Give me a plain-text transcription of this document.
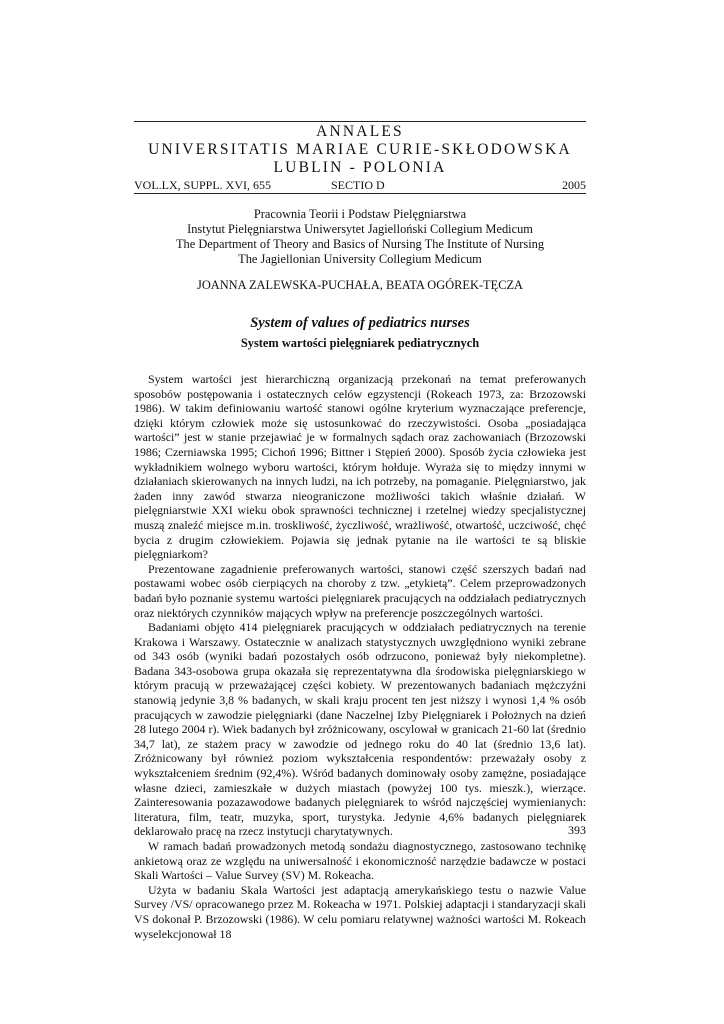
ANNALES
UNIVERSITATIS MARIAE CURIE-SKŁODOWSKA
LUBLIN - POLONIA
VOL.LX, SUPPL. XVI, 655	SECTIO D	2005
Pracownia Teorii i Podstaw Pielęgniarstwa
Instytut Pielęgniarstwa Uniwersytet Jagielloński Collegium Medicum
The Department of Theory and Basics of Nursing The Institute of Nursing
The Jagiellonian University Collegium Medicum
JOANNA ZALEWSKA-PUCHAŁA, BEATA OGÓREK-TĘCZA
System of values of pediatrics nurses
System wartości pielęgniarek pediatrycznych

System wartości jest hierarchiczną organizacją przekonań na temat preferowanych sposobów postępowania i ostatecznych celów egzystencji (Rokeach 1973, za: Brzozowski 1986). W takim definiowaniu wartość stanowi ogólne kryterium wyznaczające preferencje, dzięki którym człowiek może się ustosunkować do rzeczywistości. Osoba „posiadająca wartości” jest w stanie przejawiać je w formalnych sądach oraz zachowaniach (Brzozowski 1986; Czerniawska 1995; Cichoń 1996; Bittner i Stępień 2000). Sposób życia człowieka jest wykładnikiem wolnego wyboru wartości, którym hołduje. Wyraża się to między innymi w działaniach skierowanych na innych ludzi, na ich potrzeby, na pomaganie. Pielęgniarstwo, jak żaden inny zawód stwarza nieograniczone możliwości takich właśnie działań. W pielęgniarstwie XXI wieku obok sprawności technicznej i rzetelnej wiedzy specjalistycznej muszą znaleźć miejsce m.in. troskliwość, życzliwość, wrażliwość, otwartość, uczciwość, chęć bycia z drugim człowiekiem. Pojawia się jednak pytanie na ile wartości te są bliskie pielęgniarkom?

Prezentowane zagadnienie preferowanych wartości, stanowi część szerszych badań nad postawami wobec osób cierpiących na choroby z tzw. „etykietą”. Celem przeprowadzonych badań było poznanie systemu wartości pielęgniarek pracujących na oddziałach pediatrycznych oraz niektórych czynników mających wpływ na preferencje poszczególnych wartości.

Badaniami objęto 414 pielęgniarek pracujących w oddziałach pediatrycznych na terenie Krakowa i Warszawy. Ostatecznie w analizach statystycznych uwzględniono wyniki zebrane od 343 osób (wyniki badań pozostałych osób odrzucono, ponieważ były niekompletne). Badana 343-osobowa grupa okazała się reprezentatywna dla środowiska pielęgniarskiego w którym pracują w przeważającej części kobiety. W prezentowanych badaniach mężczyźni stanowią jedynie 3,8 % badanych, w skali kraju procent ten jest niższy i wynosi 1,4 % osób pracujących w zawodzie pielęgniarki (dane Naczelnej Izby Pielęgniarek i Położnych na dzień 28 lutego 2004 r). Wiek badanych był zróżnicowany, oscylował w granicach 21-60 lat (średnio 34,7 lat), ze stażem pracy w zawodzie od jednego roku do 40 lat (średnio 13,6 lat). Zróżnicowany był również poziom wykształcenia respondentów: przeważały osoby z wykształceniem średnim (92,4%). Wśród badanych dominowały osoby zamężne, posiadające własne dzieci, zamieszkałe w dużych miastach (powyżej 100 tys. mieszk.), wierzące. Zainteresowania pozazawodowe badanych pielęgniarek to wśród najczęściej wymienianych: literatura, film, teatr, muzyka, sport, turystyka. Jedynie 4,6% badanych pielęgniarek deklarowało pracę na rzecz instytucji charytatywnych.

W ramach badań prowadzonych metodą sondażu diagnostycznego, zastosowano technikę ankietową oraz ze względu na uniwersalność i ekonomiczność narzędzie badawcze w postaci Skali Wartości – Value Survey (SV) M. Rokeacha.

Użyta w badaniu Skala Wartości jest adaptacją amerykańskiego testu o nazwie Value Survey /VS/ opracowanego przez M. Rokeacha w 1971. Polskiej adaptacji i standaryzacji skali VS dokonał P. Brzozowski (1986). W celu pomiaru relatywnej ważności wartości M. Rokeach wyselekcjonował 18

393
